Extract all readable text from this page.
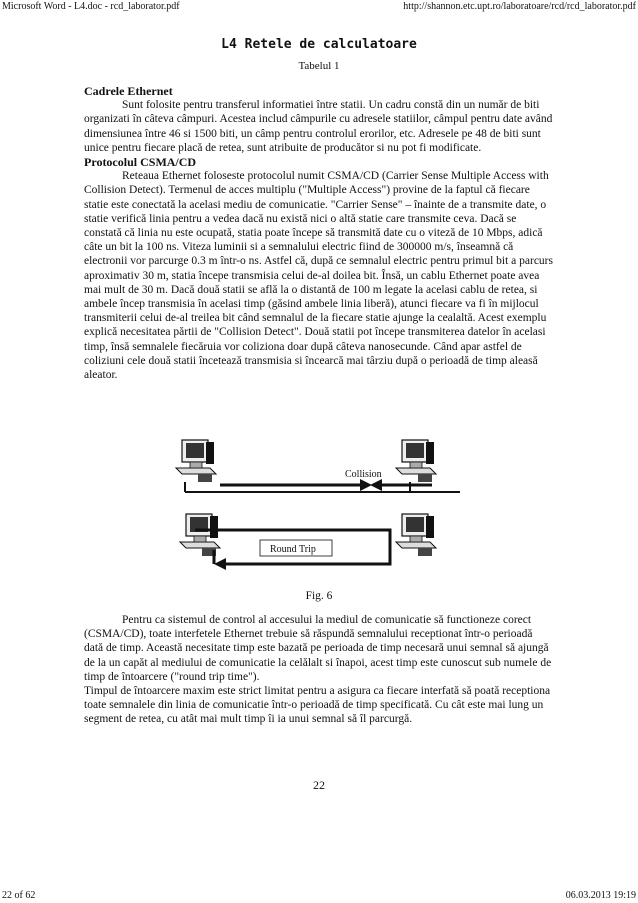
Microsoft Word - L4.doc - rcd_laborator.pdf	http://shannon.etc.upt.ro/laboratoare/rcd/rcd_laborator.pdf
L4 Retele de calculatoare
Tabelul 1
Cadrele Ethernet

Sunt folosite pentru transferul informatiei între statii. Un cadru constă din un număr de biti organizati în câteva câmpuri. Acestea includ câmpurile cu adresele statiilor, câmpul pentru date având dimensiunea între 46 si 1500 biti, un câmp pentru controlul erorilor, etc. Adresele pe 48 de biti sunt unice pentru fiecare placă de retea, sunt atribuite de producător si nu pot fi modificate.

Protocolul CSMA/CD

Reteaua Ethernet foloseste protocolul numit CSMA/CD (Carrier Sense Multiple Access with Collision Detect). Termenul de acces multiplu ("Multiple Access") provine de la faptul că fiecare statie este conectată la acelasi mediu de comunicatie. "Carrier Sense" – înainte de a transmite date, o statie verifică linia pentru a vedea dacă nu există nici o altă statie care transmite ceva. Dacă se constată că linia nu este ocupată, statia poate începe să transmită date cu o viteză de 10 Mbps, adică câte un bit la 100 ns. Viteza luminii si a semnalului electric fiind de 300000 m/s, înseamnă că electronii vor parcurge 0.3 m într-o ns. Astfel că, după ce semnalul electric pentru primul bit a parcurs aproximativ 30 m, statia începe transmisia celui de-al doilea bit. Însă, un cablu Ethernet poate avea mai mult de 30 m. Dacă două statii se află la o distantă de 100 m legate la acelasi cablu de retea, si ambele încep transmisia în acelasi timp (găsind ambele linia liberă), atunci fiecare va fi în mijlocul transmiterii celui de-al treilea bit când semnalul de la fiecare statie ajunge la cealaltă. Acest exemplu explică necesitatea părtii de "Collision Detect". Două statii pot începe transmiterea datelor în acelasi timp, însă semnalele fiecăruia vor coliziona doar după câteva nanosecunde. Când apar astfel de coliziuni cele două statii încetează transmisia si încearcă mai târziu după o perioadă de timp aleasă aleator.

Collision
Round Trip
Fig. 6

Pentru ca sistemul de control al accesului la mediul de comunicatie să functioneze corect (CSMA/CD), toate interfetele Ethernet trebuie să răspundă semnalului receptionat într-o perioadă dată de timp. Această necesitate timp este bazată pe perioada de timp necesară unui semnal să ajungă de la un capăt al mediului de comunicatie la celălalt si înapoi, acest timp este cunoscut sub numele de timp de întoarcere ("round trip time").

Timpul de întoarcere maxim este strict limitat pentru a asigura ca fiecare interfată să poată receptiona toate semnalele din linia de comunicatie într-o perioadă de timp specificată. Cu cât este mai lung un segment de retea, cu atât mai mult timp îi ia unui semnal să îl parcurgă.

22
22 of 62	06.03.2013 19:19
